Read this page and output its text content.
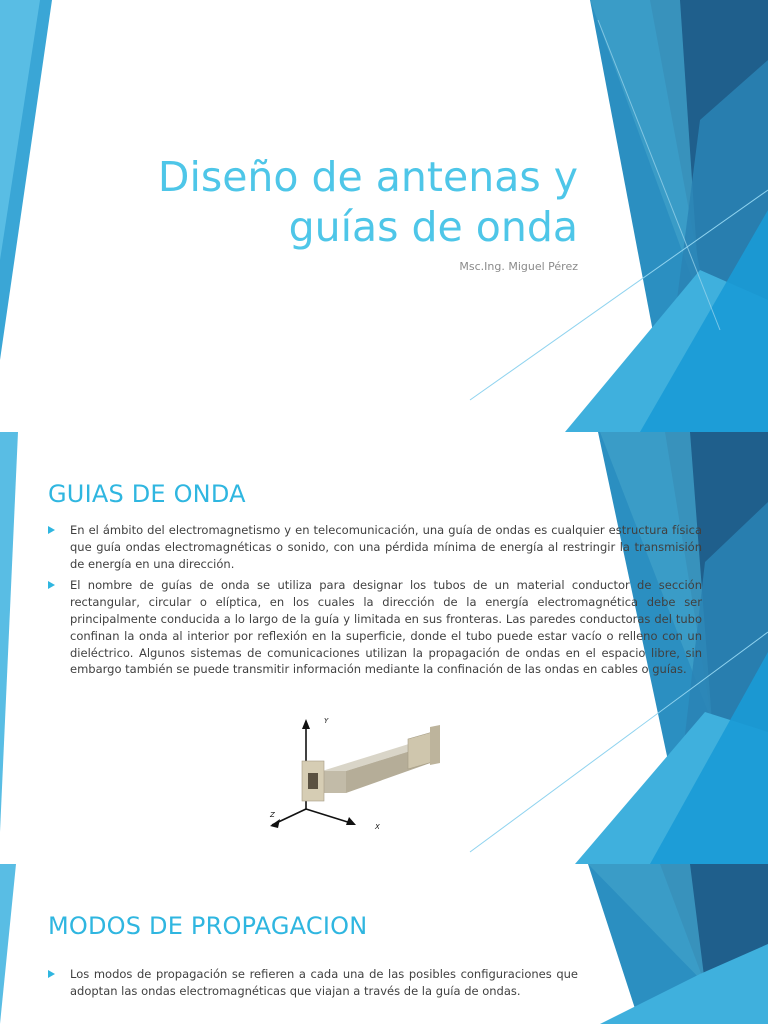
Diseño de antenas y
guías de onda
Msc.Ing. Miguel Pérez
GUIAS DE ONDA
En el ámbito del electromagnetismo y en telecomunicación, una guía de ondas es cualquier estructura física que guía ondas electromagnéticas o sonido, con una pérdida mínima de energía al restringir la transmisión de energía en una dirección.
El nombre de guías de onda se utiliza para designar los tubos de un material conductor de sección rectangular, circular o elíptica, en los cuales la dirección de la energía electromagnética debe ser principalmente conducida a lo largo de la guía y limitada en sus fronteras. Las paredes conductoras del tubo confinan la onda al interior por reflexión en la superficie, donde el tubo puede estar vacío o relleno con un dieléctrico. Algunos sistemas de comunicaciones utilizan la propagación de ondas en el espacio libre, sin embargo también se puede transmitir información mediante la confinación de las ondas en cables o guías.
Y
Z
X
MODOS DE PROPAGACION
Los modos de propagación se refieren a cada una de las posibles configuraciones que adoptan las ondas electromagnéticas que viajan a través de la guía de ondas.
